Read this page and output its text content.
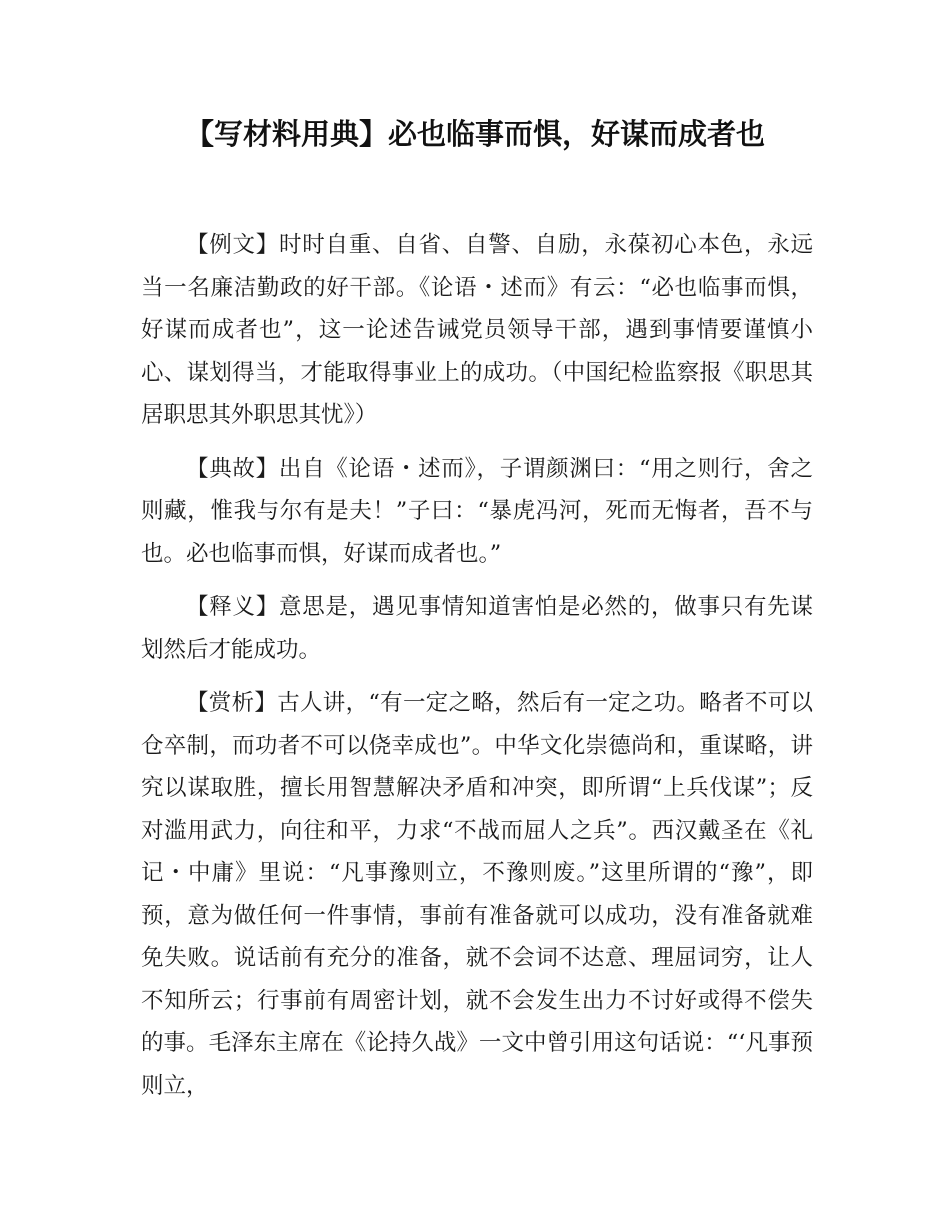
【写材料用典】必也临事而惧，好谋而成者也

【例文】时时自重、自省、自警、自励，永葆初心本色，永远当一名廉洁勤政的好干部。《论语・述而》有云：“必也临事而惧，好谋而成者也”，这一论述告诫党员领导干部，遇到事情要谨慎小心、谋划得当，才能取得事业上的成功。（中国纪检监察报《职思其居职思其外职思其忧》）

【典故】出自《论语・述而》，子谓颜渊曰：“用之则行，舍之则藏，惟我与尔有是夫！”子曰：“暴虎冯河，死而无悔者，吾不与也。必也临事而惧，好谋而成者也。”

【释义】意思是，遇见事情知道害怕是必然的，做事只有先谋划然后才能成功。

【赏析】古人讲，“有一定之略，然后有一定之功。略者不可以仓卒制，而功者不可以侥幸成也”。中华文化崇德尚和，重谋略，讲究以谋取胜，擅长用智慧解决矛盾和冲突，即所谓“上兵伐谋”；反对滥用武力，向往和平，力求“不战而屈人之兵”。西汉戴圣在《礼记・中庸》里说：“凡事豫则立，不豫则废。”这里所谓的“豫”，即预，意为做任何一件事情，事前有准备就可以成功，没有准备就难免失败。说话前有充分的准备，就不会词不达意、理屈词穷，让人不知所云；行事前有周密计划，就不会发生出力不讨好或得不偿失的事。毛泽东主席在《论持久战》一文中曾引用这句话说：“‘凡事预则立，
